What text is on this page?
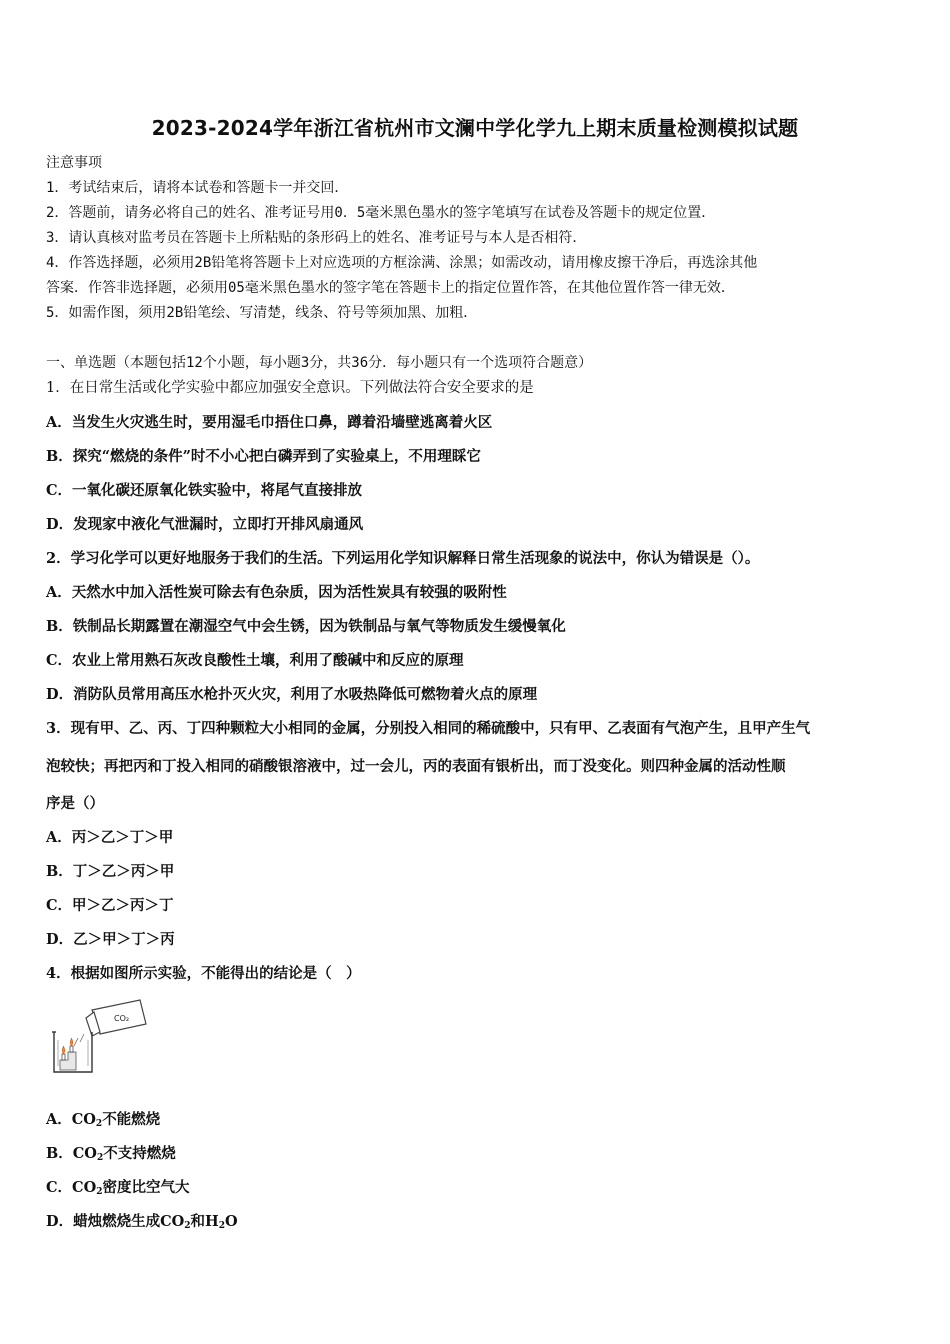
2023-2024学年浙江省杭州市文澜中学化学九上期末质量检测模拟试题
注意事项
1．考试结束后，请将本试卷和答题卡一并交回．
2．答题前，请务必将自己的姓名、准考证号用0．5毫米黑色墨水的签字笔填写在试卷及答题卡的规定位置．
3．请认真核对监考员在答题卡上所粘贴的条形码上的姓名、准考证号与本人是否相符．
4．作答选择题，必须用2B铅笔将答题卡上对应选项的方框涂满、涂黑；如需改动，请用橡皮擦干净后，再选涂其他
答案．作答非选择题，必须用05毫米黑色墨水的签字笔在答题卡上的指定位置作答，在其他位置作答一律无效．
5．如需作图，须用2B铅笔绘、写清楚，线条、符号等须加黑、加粗．
一、单选题（本题包括12个小题，每小题3分，共36分．每小题只有一个选项符合题意）
1．在日常生活或化学实验中都应加强安全意识。下列做法符合安全要求的是
A．当发生火灾逃生时，要用湿毛巾捂住口鼻，蹲着沿墙壁逃离着火区
B．探究“燃烧的条件”时不小心把白磷弄到了实验桌上，不用理睬它
C．一氧化碳还原氧化铁实验中，将尾气直接排放
D．发现家中液化气泄漏时，立即打开排风扇通风
2．学习化学可以更好地服务于我们的生活。下列运用化学知识解释日常生活现象的说法中，你认为错误是（）。
A．天然水中加入活性炭可除去有色杂质，因为活性炭具有较强的吸附性
B．铁制品长期露置在潮湿空气中会生锈，因为铁制品与氧气等物质发生缓慢氧化
C．农业上常用熟石灰改良酸性土壤，利用了酸碱中和反应的原理
D．消防队员常用高压水枪扑灭火灾，利用了水吸热降低可燃物着火点的原理
3．现有甲、乙、丙、丁四种颗粒大小相同的金属，分别投入相同的稀硫酸中，只有甲、乙表面有气泡产生，且甲产生气
泡较快；再把丙和丁投入相同的硝酸银溶液中，过一会儿，丙的表面有银析出，而丁没变化。则四种金属的活动性顺
序是（）
A．丙＞乙＞丁＞甲
B．丁＞乙＞丙＞甲
C．甲＞乙＞丙＞丁
D．乙＞甲＞丁＞丙
4．根据如图所示实验，不能得出的结论是（　）
CO₂
A．$CO_2$不能燃烧
B．$CO_2$不支持燃烧
C．$CO_2$密度比空气大
D．蜡烛燃烧生成$CO_2$和$H_2O$
